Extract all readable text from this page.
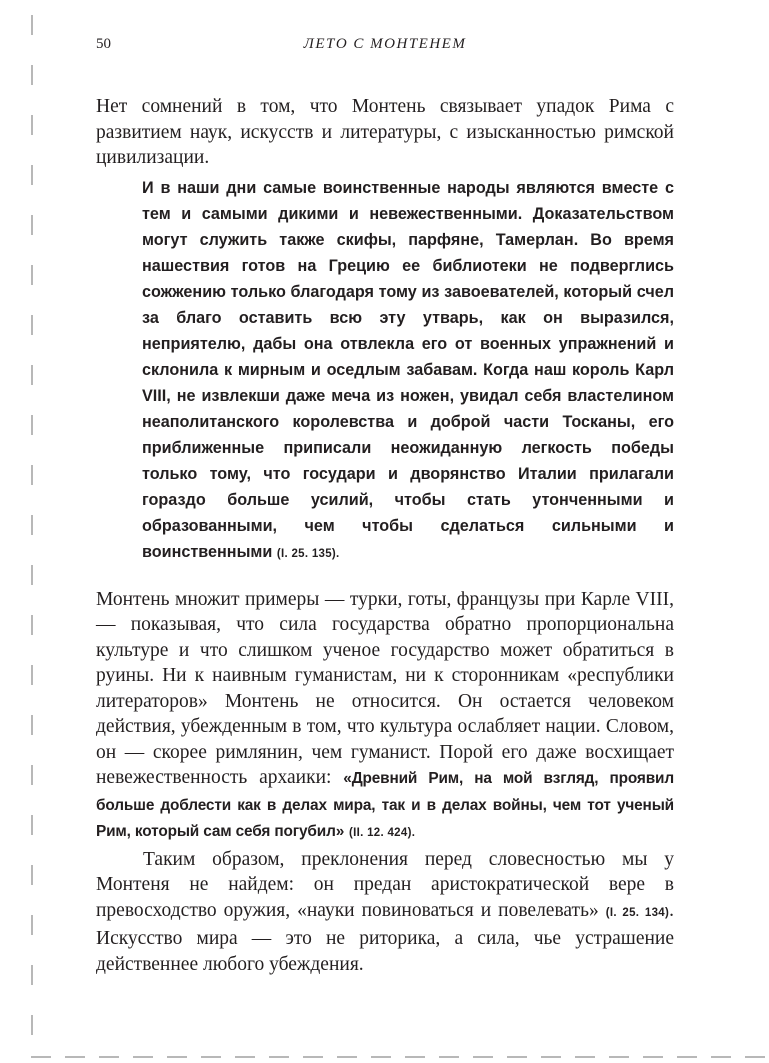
50	ЛЕТО С МОНТЕНЕМ

Нет сомнений в том, что Монтень связывает упадок Рима с развитием наук, искусств и литературы, с изысканностью римской цивилизации.

И в наши дни самые воинственные народы являются вместе с тем и самыми дикими и невежественными. Доказательством могут служить также скифы, парфяне, Тамерлан. Во время нашествия готов на Грецию ее библиотеки не подверглись сожжению только благодаря тому из завоевателей, который счел за благо оставить всю эту утварь, как он выразился, неприятелю, дабы она отвлекла его от военных упражнений и склонила к мирным и оседлым забавам. Когда наш король Карл VIII, не извлекши даже меча из ножен, увидал себя властелином неаполитанского королевства и доброй части Тосканы, его приближенные приписали неожиданную легкость победы только тому, что государи и дворянство Италии прилагали гораздо больше усилий, чтобы стать утонченными и образованными, чем чтобы сделаться сильными и воинственными (I. 25. 135).

Монтень множит примеры — турки, готы, французы при Карле VIII, — показывая, что сила государства обратно пропорциональна культуре и что слишком ученое государство может обратиться в руины. Ни к наивным гуманистам, ни к сторонникам «республики литераторов» Монтень не относится. Он остается человеком действия, убежденным в том, что культура ослабляет нации. Словом, он — скорее римлянин, чем гуманист. Порой его даже восхищает невежественность архаики: «Древний Рим, на мой взгляд, проявил больше доблести как в делах мира, так и в делах войны, чем тот ученый Рим, который сам себя погубил» (II. 12. 424).

Таким образом, преклонения перед словесностью мы у Монтеня не найдем: он предан аристократической вере в превосходство оружия, «науки повиноваться и повелевать» (I. 25. 134). Искусство мира — это не риторика, а сила, чье устрашение действеннее любого убеждения.
